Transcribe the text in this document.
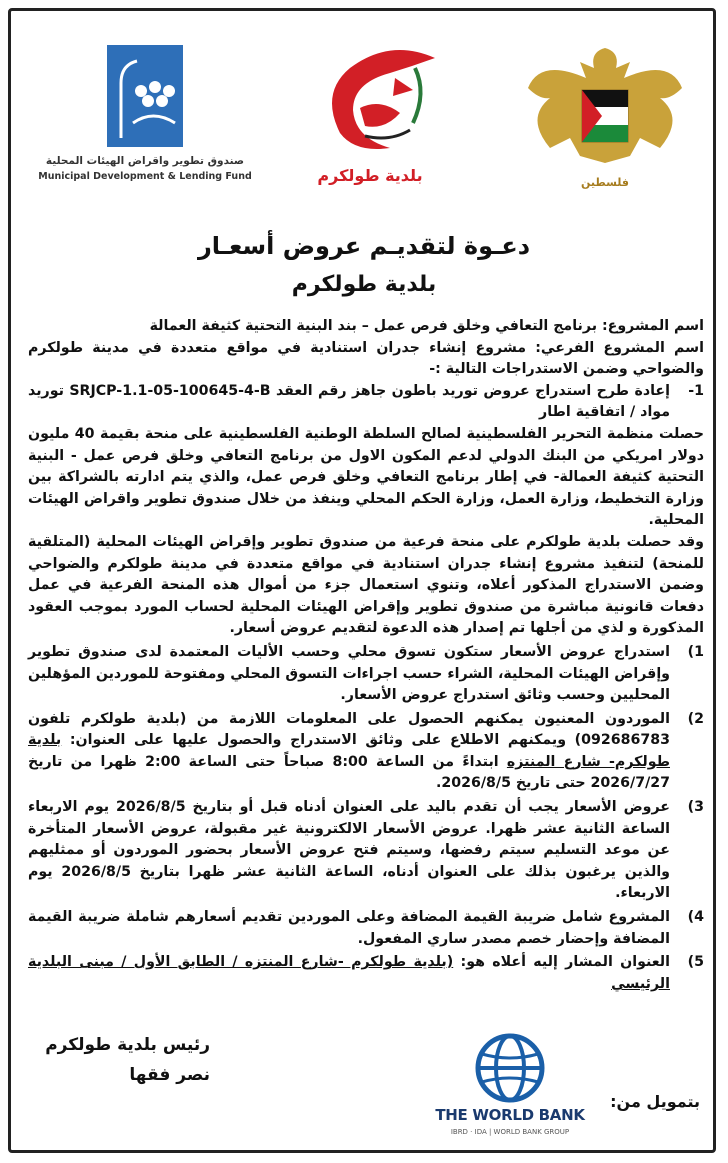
صندوق تطوير واقراض الهيئات المحلية
Municipal Development & Lending Fund	بلدية طولكرم	فلسطين
دعـوة لتقديـم عروض أسعـار
بلدية طولكرم

اسم المشروع: برنامج التعافي وخلق فرص عمل – بند البنية التحتية كثيفة العمالة

اسم المشروع الفرعي: مشروع إنشاء جدران استنادية في مواقع متعددة في مدينة طولكرم والضواحي وضمن الاستدراجات التالية :-

1-
إعادة طرح استدراج عروض توريد باطون جاهز رقم العقد SRJCP-1.1-05-100645-4-B توريد مواد / اتفاقية اطار

حصلت منظمة التحرير الفلسطينية لصالح السلطة الوطنية الفلسطينية على منحة بقيمة 40 مليون دولار امريكي من البنك الدولي لدعم المكون الاول من برنامج التعافي وخلق فرص عمل - البنية التحتية كثيفة العمالة- في إطار برنامج التعافي وخلق فرص عمل، والذي يتم ادارته بالشراكة بين وزارة التخطيط، وزارة العمل، وزارة الحكم المحلي وينفذ من خلال صندوق تطوير واقراض الهيئات المحلية.

وقد حصلت بلدية طولكرم على منحة فرعية من صندوق تطوير وإقراض الهيئات المحلية (المتلقية للمنحة) لتنفيذ مشروع إنشاء جدران استنادية في مواقع متعددة في مدينة طولكرم والضواحي وضمن الاستدراج المذكور أعلاه، وتنوي استعمال جزء من أموال هذه المنحة الفرعية في عمل دفعات قانونية مباشرة من صندوق تطوير وإقراض الهيئات المحلية لحساب المورد بموجب العقود المذكورة و لذي من أجلها تم إصدار هذه الدعوة لتقديم عروض أسعار.

1)
استدراج عروض الأسعار ستكون تسوق محلي وحسب الأليات المعتمدة لدى صندوق تطوير وإقراض الهيئات المحلية، الشراء حسب اجراءات التسوق المحلي ومفتوحة للموردين المؤهلين المحليين وحسب وثائق استدراج عروض الأسعار.
2)
الموردون المعنيون يمكنهم الحصول على المعلومات اللازمة من (بلدية طولكرم تلفون 092686783) ويمكنهم الاطلاع على وثائق الاستدراج والحصول عليها على العنوان: بلدية طولكرم- شارع المنتزه ابتداءً من الساعة 8:00 صباحاً حتى الساعة 2:00 ظهرا من تاريخ 2026/7/27 حتى تاريخ 2026/8/5.
3)
عروض الأسعار يجب أن تقدم باليد على العنوان أدناه قبل أو بتاريخ 2026/8/5 يوم الاربعاء الساعة الثانية عشر ظهرا. عروض الأسعار الالكترونية غير مقبولة، عروض الأسعار المتأخرة عن موعد التسليم سيتم رفضها، وسيتم فتح عروض الأسعار بحضور الموردون أو ممثليهم والذين يرغبون بذلك على العنوان أدناه، الساعة الثانية عشر ظهرا بتاريخ 2026/8/5 يوم الاربعاء.
4)
المشروع شامل ضريبة القيمة المضافة وعلى الموردين تقديم أسعارهم شاملة ضريبة القيمة المضافة وإحضار خصم مصدر ساري المفعول.
5)
العنوان المشار إليه أعلاه هو: (بلدية طولكرم -شارع المنتزه / الطابق الأول / مبنى البلدية الرئيسي
رئيس بلدية طولكرم
نصر فقها
THE WORLD BANK
IBRD · IDA | WORLD BANK GROUP
بتمويل من:
